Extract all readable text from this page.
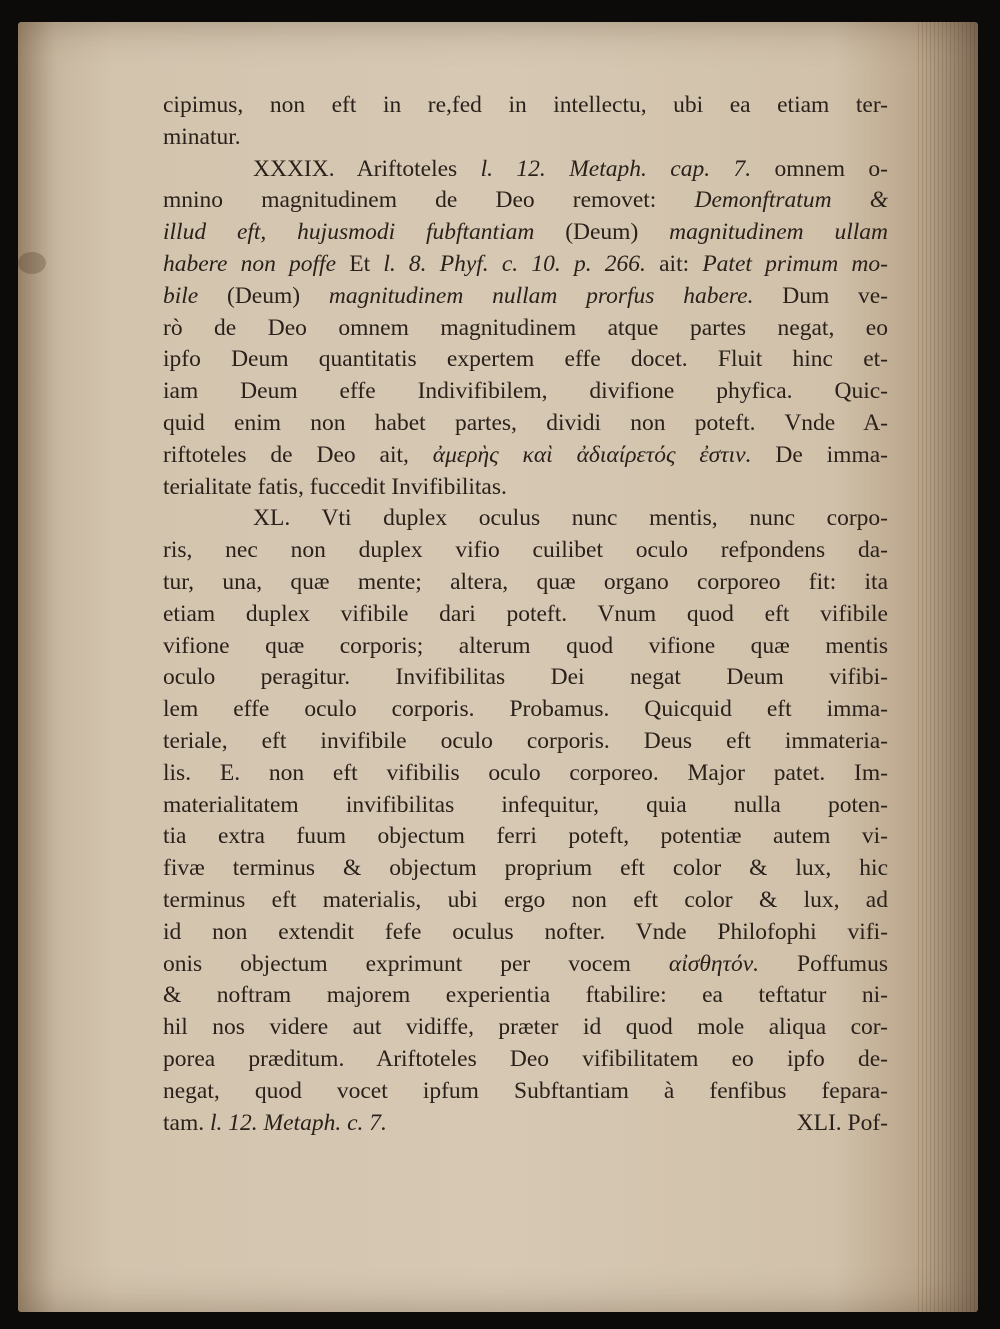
cipimus, non eft in re,fed in intellectu, ubi ea etiam ter-
minatur.
XXXIX. Ariftoteles l. 12. Metaph. cap. 7. omnem o-
mnino magnitudinem de Deo removet: Demonftratum &
illud eft, hujusmodi fubftantiam (Deum) magnitudinem ullam
habere non poffe Et l. 8. Phyf. c. 10. p. 266. ait: Patet primum mo-
bile (Deum) magnitudinem nullam prorfus habere. Dum ve-
rò de Deo omnem magnitudinem atque partes negat, eo
ipfo Deum quantitatis expertem effe docet. Fluit hinc et-
iam Deum effe Indivifibilem, divifione phyfica. Quic-
quid enim non habet partes, dividi non poteft. Vnde A-
riftoteles de Deo ait, ἀμερὴς καὶ ἀδιαίρετός ἐστιν. De imma-
terialitate fatis, fuccedit Invifibilitas.
XL. Vti duplex oculus nunc mentis, nunc corpo-
ris, nec non duplex vifio cuilibet oculo refpondens da-
tur, una, quæ mente; altera, quæ organo corporeo fit: ita
etiam duplex vifibile dari poteft. Vnum quod eft vifibile
vifione quæ corporis; alterum quod vifione quæ mentis
oculo peragitur. Invifibilitas Dei negat Deum vifibi-
lem effe oculo corporis. Probamus. Quicquid eft imma-
teriale, eft invifibile oculo corporis. Deus eft immateria-
lis. E. non eft vifibilis oculo corporeo. Major patet. Im-
materialitatem invifibilitas infequitur, quia nulla poten-
tia extra fuum objectum ferri poteft, potentiæ autem vi-
fivæ terminus & objectum proprium eft color & lux, hic
terminus eft materialis, ubi ergo non eft color & lux, ad
id non extendit fefe oculus nofter. Vnde Philofophi vifi-
onis objectum exprimunt per vocem αἰσθητόν. Poffumus
& noftram majorem experientia ftabilire: ea teftatur ni-
hil nos videre aut vidiffe, præter id quod mole aliqua cor-
porea præditum. Ariftoteles Deo vifibilitatem eo ipfo de-
negat, quod vocet ipfum Subftantiam à fenfibus fepara-
tam. l. 12. Metaph. c. 7.	XLI. Pof-
